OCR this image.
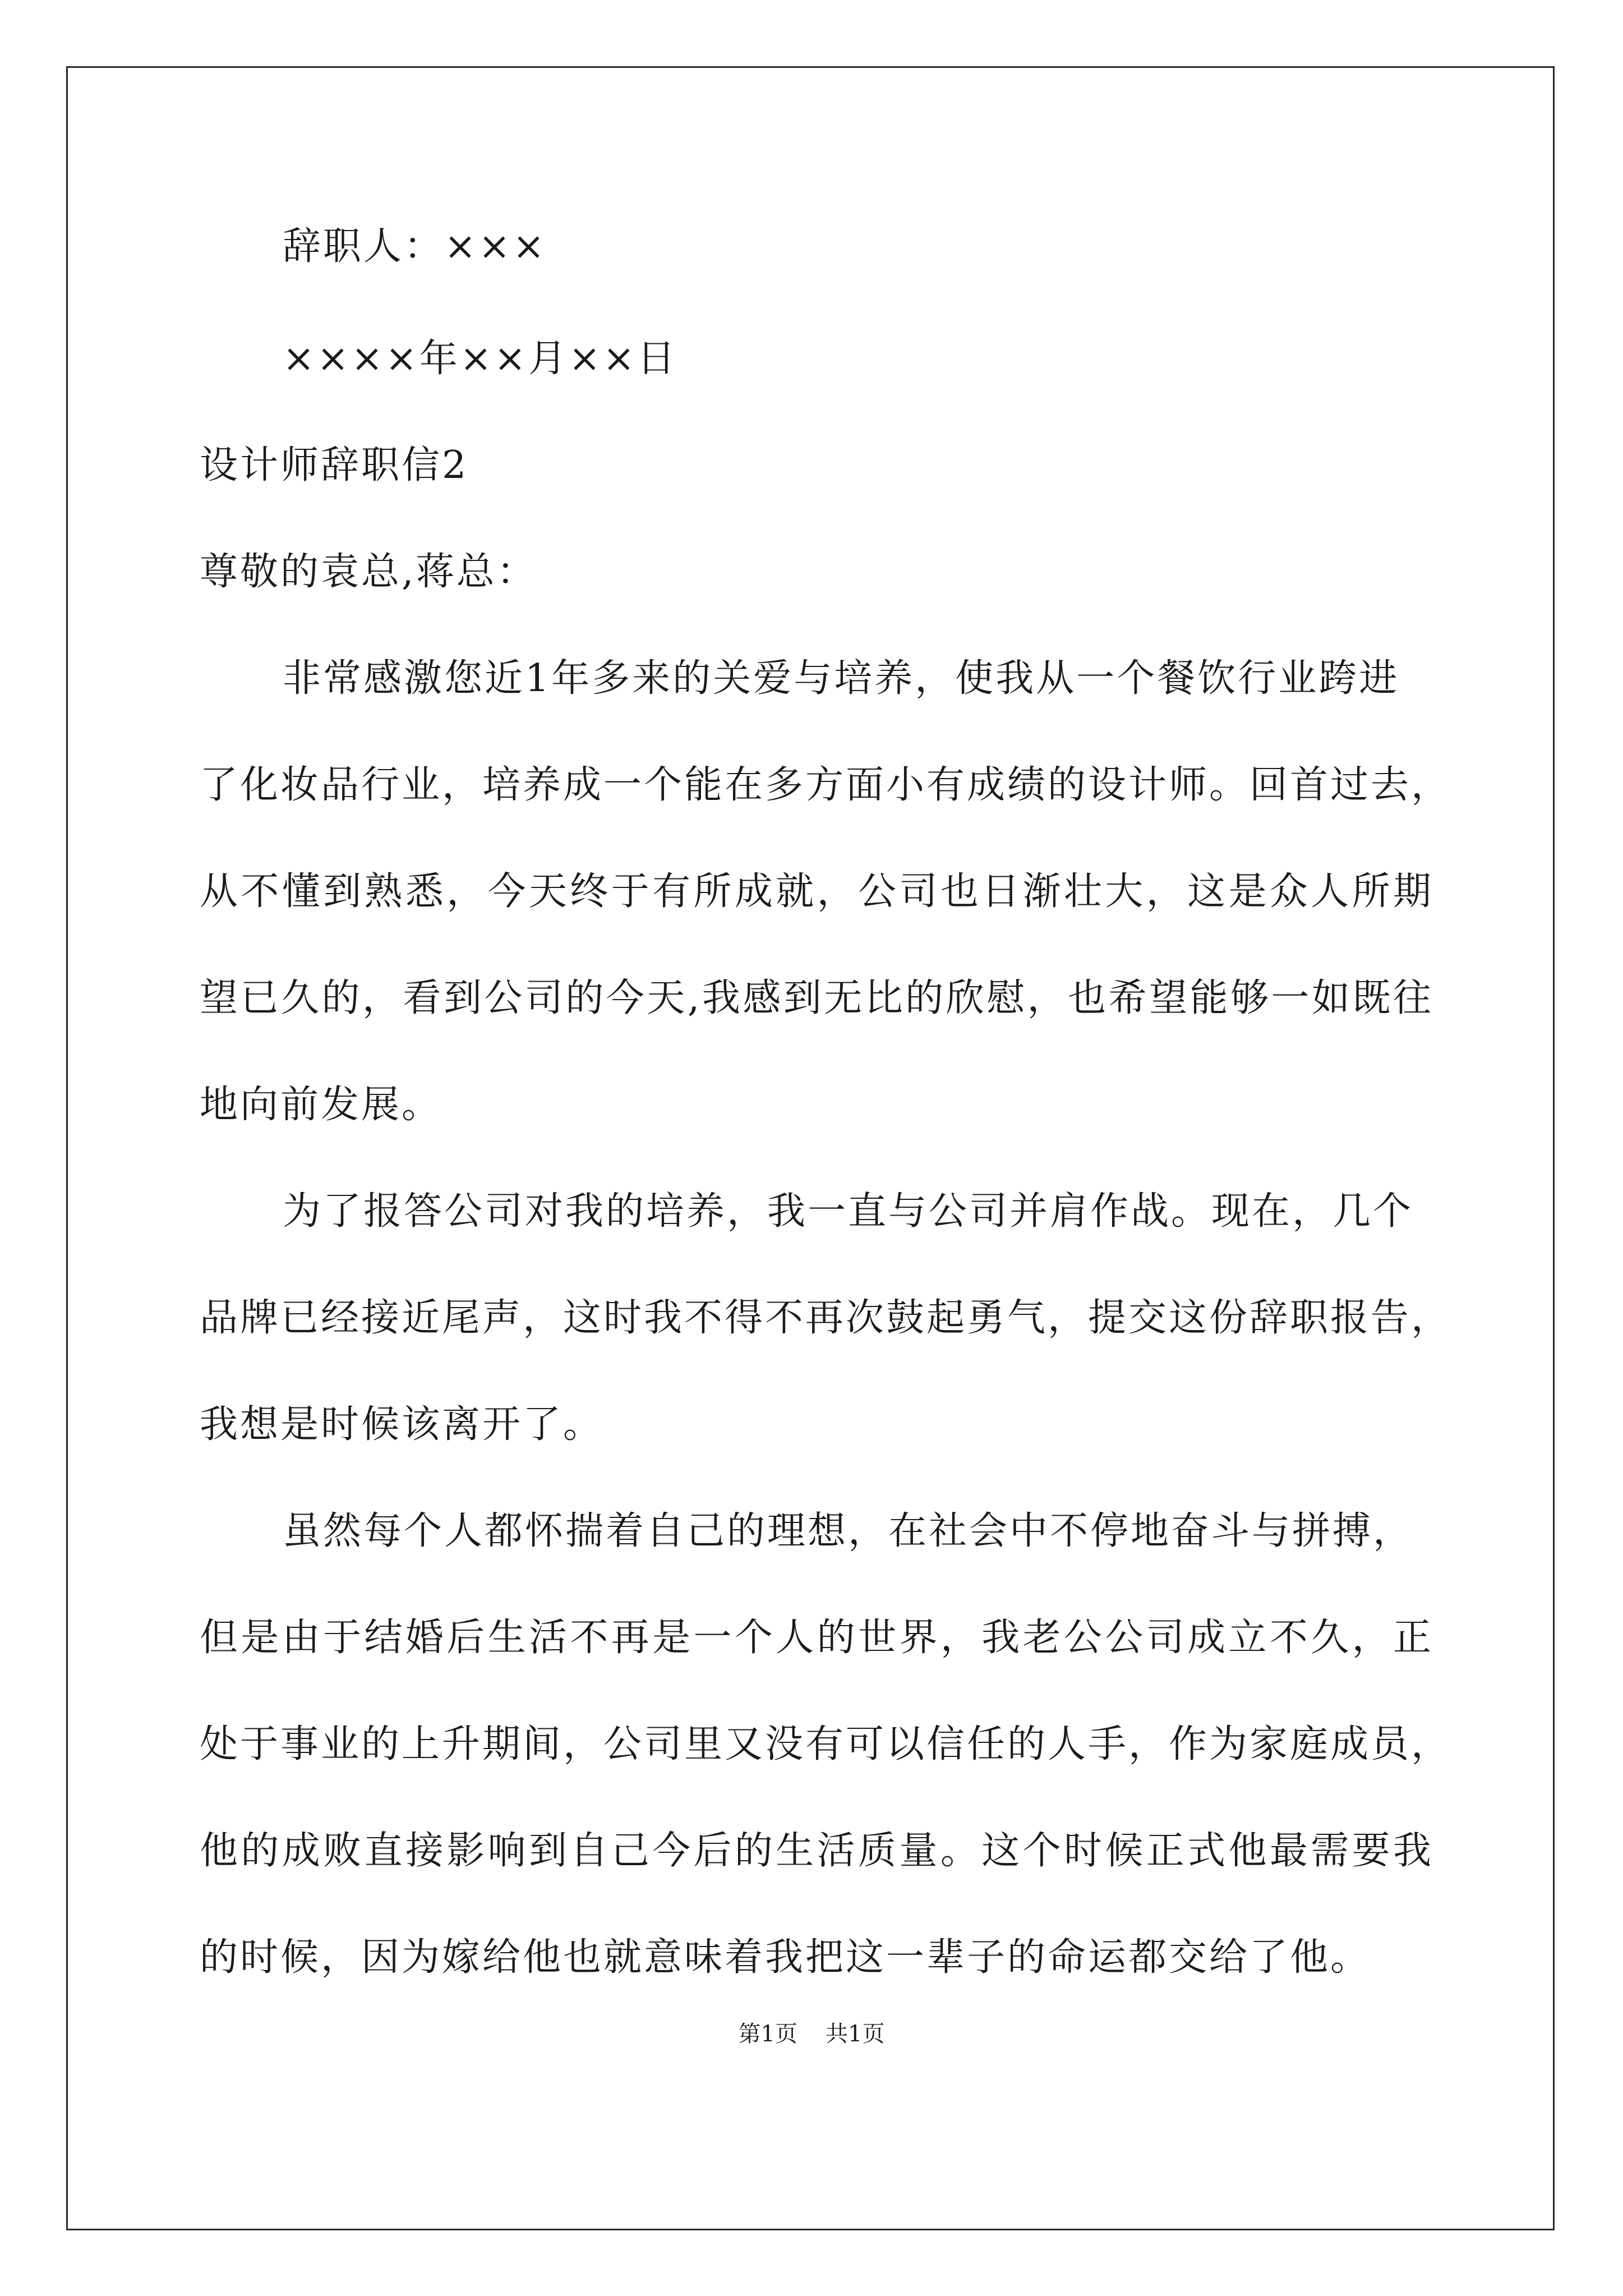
辞职人：×××
××××年××月××日
设计师辞职信2
尊敬的袁总,蒋总：
非常感激您近1年多来的关爱与培养，使我从一个餐饮行业跨进
了化妆品行业，培养成一个能在多方面小有成绩的设计师。回首过去，
从不懂到熟悉，今天终于有所成就，公司也日渐壮大，这是众人所期
望已久的，看到公司的今天,我感到无比的欣慰，也希望能够一如既往
地向前发展。
为了报答公司对我的培养，我一直与公司并肩作战。现在，几个
品牌已经接近尾声，这时我不得不再次鼓起勇气，提交这份辞职报告，
我想是时候该离开了。
虽然每个人都怀揣着自己的理想，在社会中不停地奋斗与拼搏，
但是由于结婚后生活不再是一个人的世界，我老公公司成立不久，正
处于事业的上升期间，公司里又没有可以信任的人手，作为家庭成员，
他的成败直接影响到自己今后的生活质量。这个时候正式他最需要我
的时候，因为嫁给他也就意味着我把这一辈子的命运都交给了他。
第1页 共1页
